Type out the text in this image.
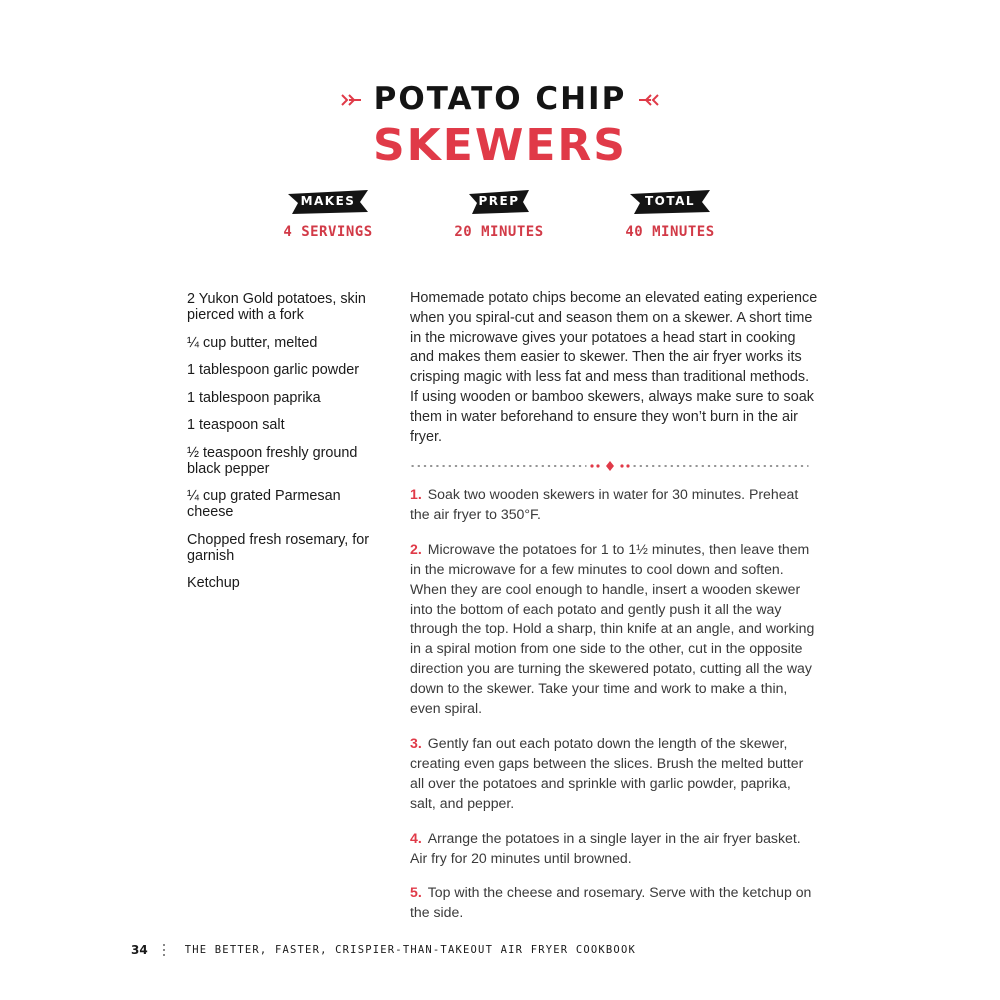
POTATO CHIP
SKEWERS
MAKES
4 SERVINGS
PREP
20 MINUTES
TOTAL
40 MINUTES
2 Yukon Gold potatoes, skin pierced with a fork
¼ cup butter, melted
1 tablespoon garlic powder
1 tablespoon paprika
1 teaspoon salt
½ teaspoon freshly ground black pepper
¼ cup grated Parmesan cheese
Chopped fresh rosemary, for garnish
Ketchup

Homemade potato chips become an elevated eating experience when you spiral-cut and season them on a skewer. A short time in the microwave gives your potatoes a head start in cooking and makes them easier to skewer. Then the air fryer works its crisping magic with less fat and mess than traditional methods. If using wooden or bamboo skewers, always make sure to soak them in water beforehand to ensure they won’t burn in the air fryer.

1. Soak two wooden skewers in water for 30 minutes. Preheat the air fryer to 350°F.
2. Microwave the potatoes for 1 to 1½ minutes, then leave them in the microwave for a few minutes to cool down and soften. When they are cool enough to handle, insert a wooden skewer into the bottom of each potato and gently push it all the way through the top. Hold a sharp, thin knife at an angle, and working in a spiral motion from one side to the other, cut in the opposite direction you are turning the skewered potato, cutting all the way down to the skewer. Take your time and work to make a thin, even spiral.
3. Gently fan out each potato down the length of the skewer, creating even gaps between the slices. Brush the melted butter all over the potatoes and sprinkle with garlic powder, paprika, salt, and pepper.
4. Arrange the potatoes in a single layer in the air fryer basket. Air fry for 20 minutes until browned.
5. Top with the cheese and rosemary. Serve with the ketchup on the side.
34	THE BETTER, FASTER, CRISPIER-THAN-TAKEOUT AIR FRYER COOKBOOK
